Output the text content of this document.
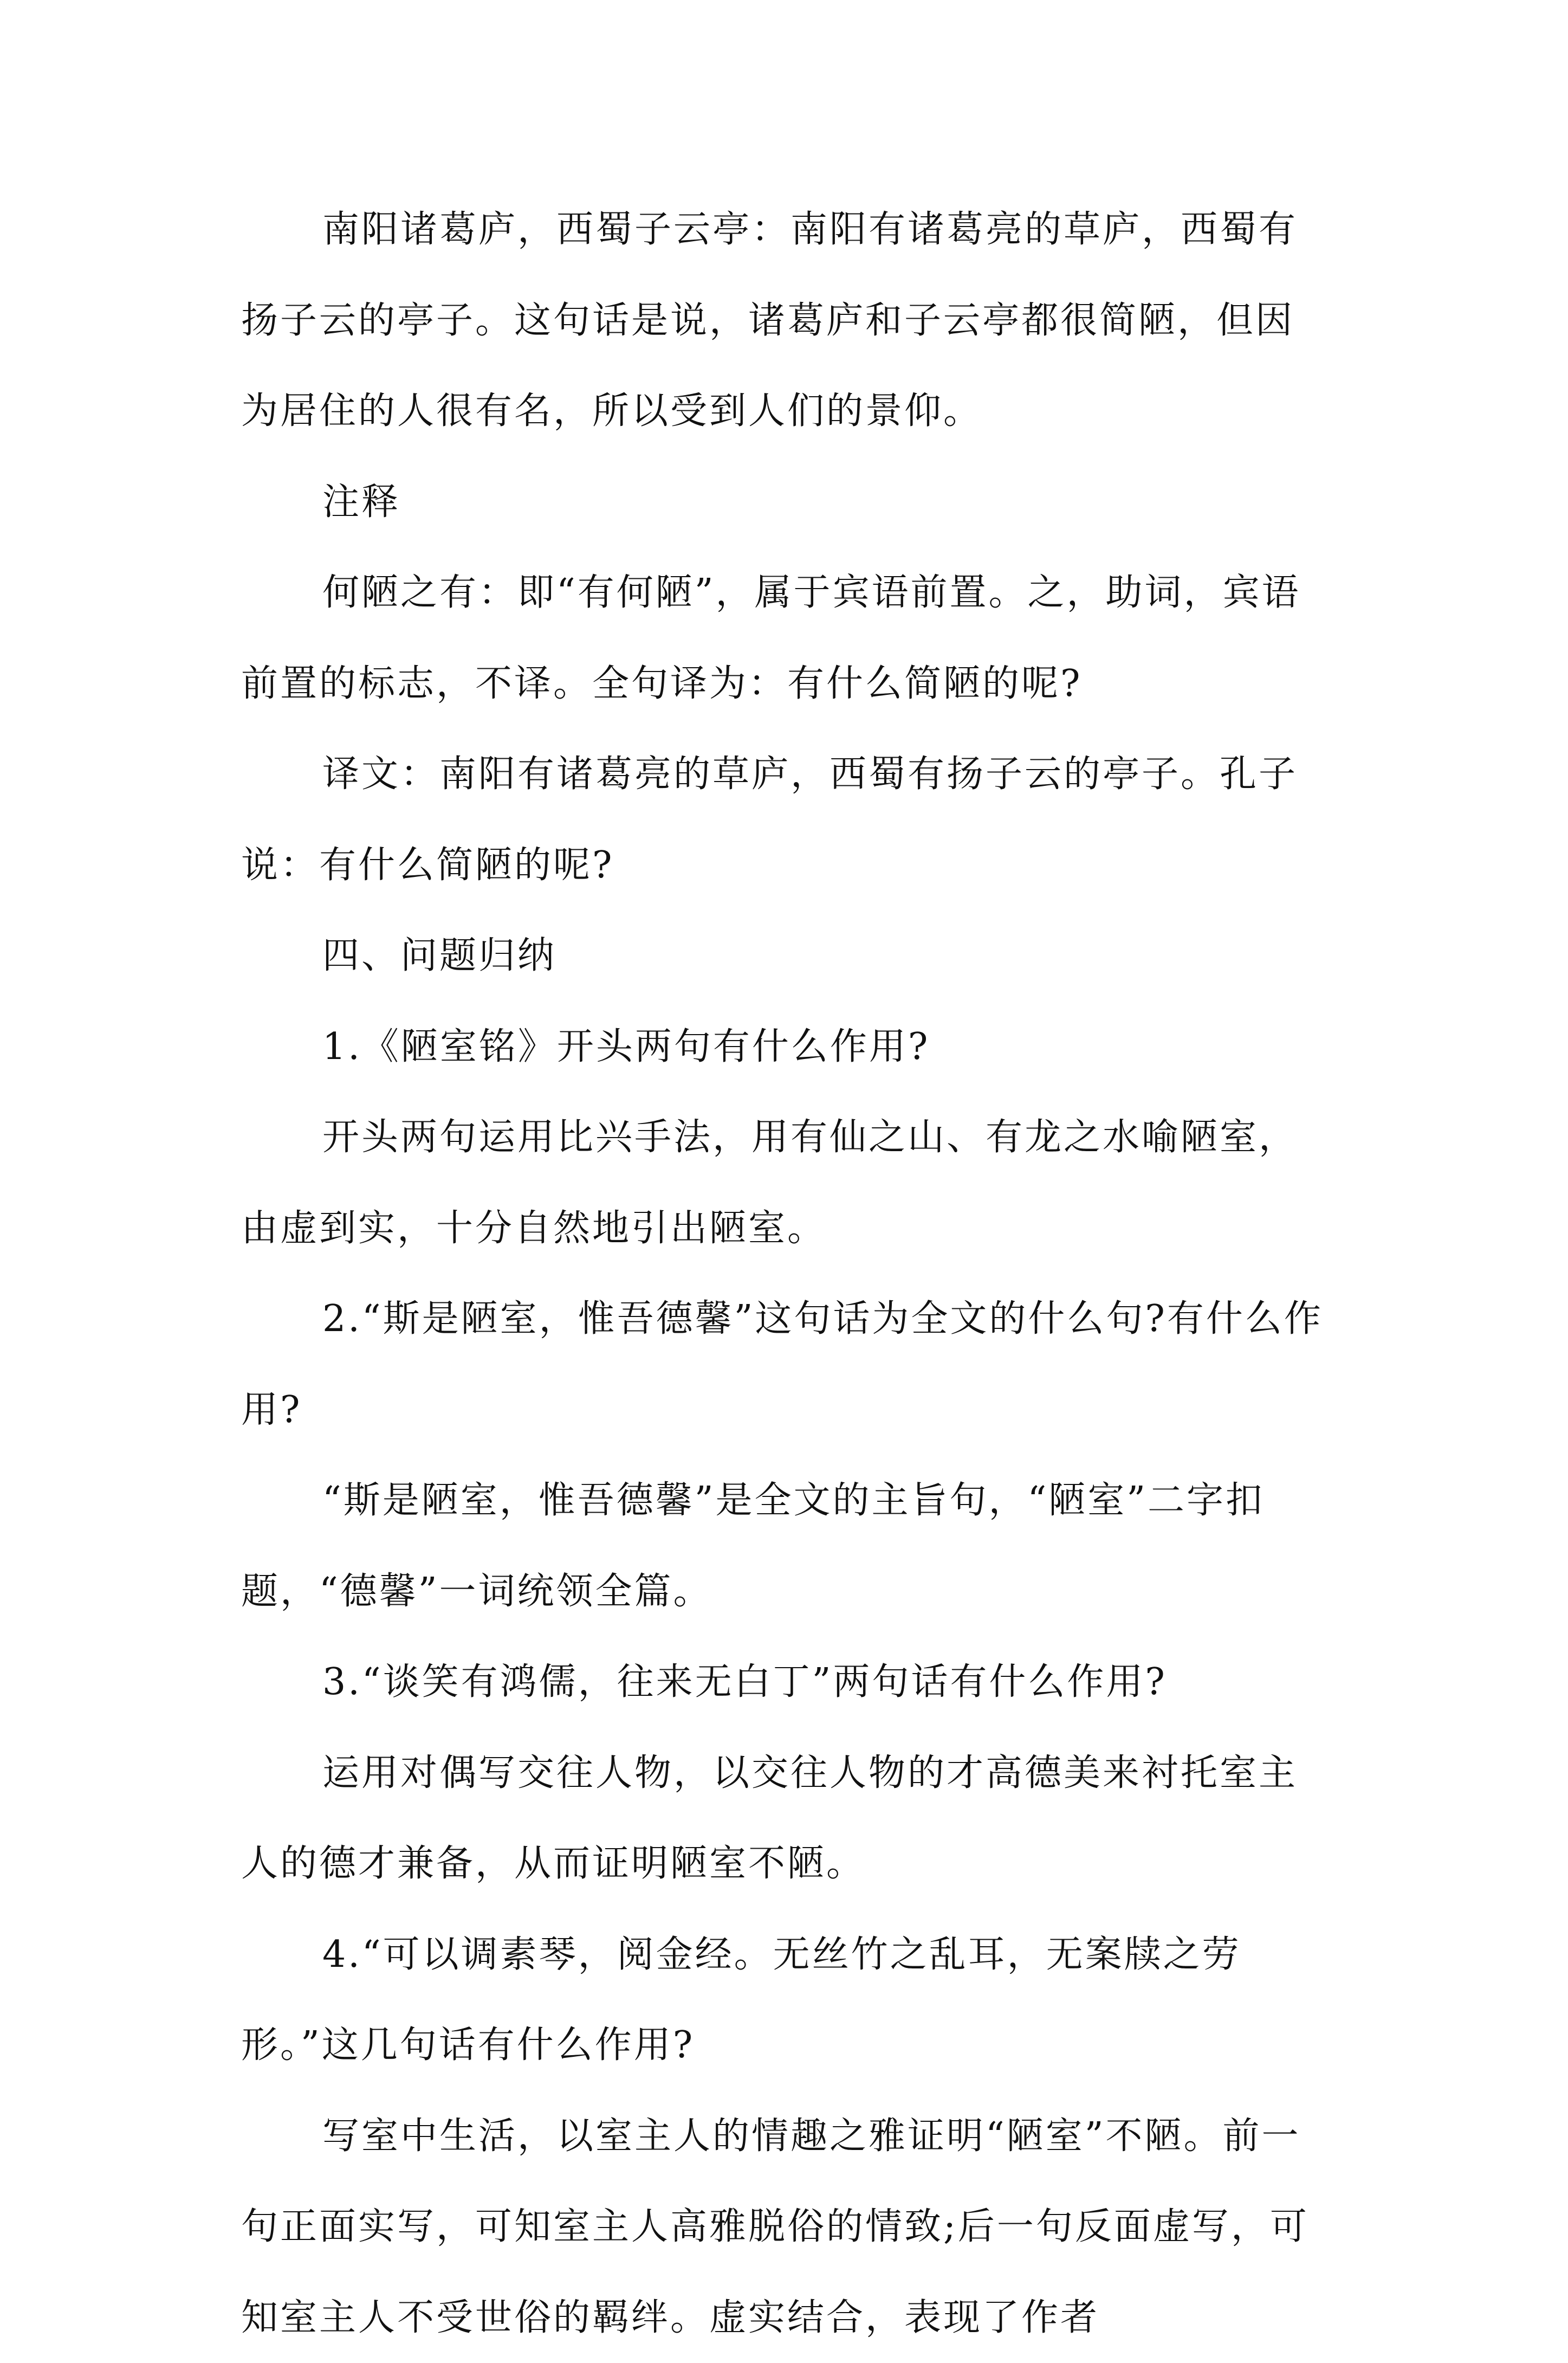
南阳诸葛庐，西蜀子云亭：南阳有诸葛亮的草庐，西蜀有扬子云的亭子。这句话是说，诸葛庐和子云亭都很简陋，但因为居住的人很有名，所以受到人们的景仰。

注释

何陋之有：即“有何陋”，属于宾语前置。之，助词，宾语前置的标志，不译。全句译为：有什么简陋的呢?

译文：南阳有诸葛亮的草庐，西蜀有扬子云的亭子。孔子说：有什么简陋的呢?

四、问题归纳

1.《陋室铭》开头两句有什么作用?

开头两句运用比兴手法，用有仙之山、有龙之水喻陋室，由虚到实，十分自然地引出陋室。

2.“斯是陋室，惟吾德馨”这句话为全文的什么句?有什么作用?

“斯是陋室，惟吾德馨”是全文的主旨句，“陋室”二字扣题，“德馨”一词统领全篇。

3.“谈笑有鸿儒，往来无白丁”两句话有什么作用?

运用对偶写交往人物，以交往人物的才高德美来衬托室主人的德才兼备，从而证明陋室不陋。

4.“可以调素琴，阅金经。无丝竹之乱耳，无案牍之劳形。”这几句话有什么作用?

写室中生活，以室主人的情趣之雅证明“陋室”不陋。前一句正面实写，可知室主人高雅脱俗的情致;后一句反面虚写，可知室主人不受世俗的羁绊。虚实结合，表现了作者
